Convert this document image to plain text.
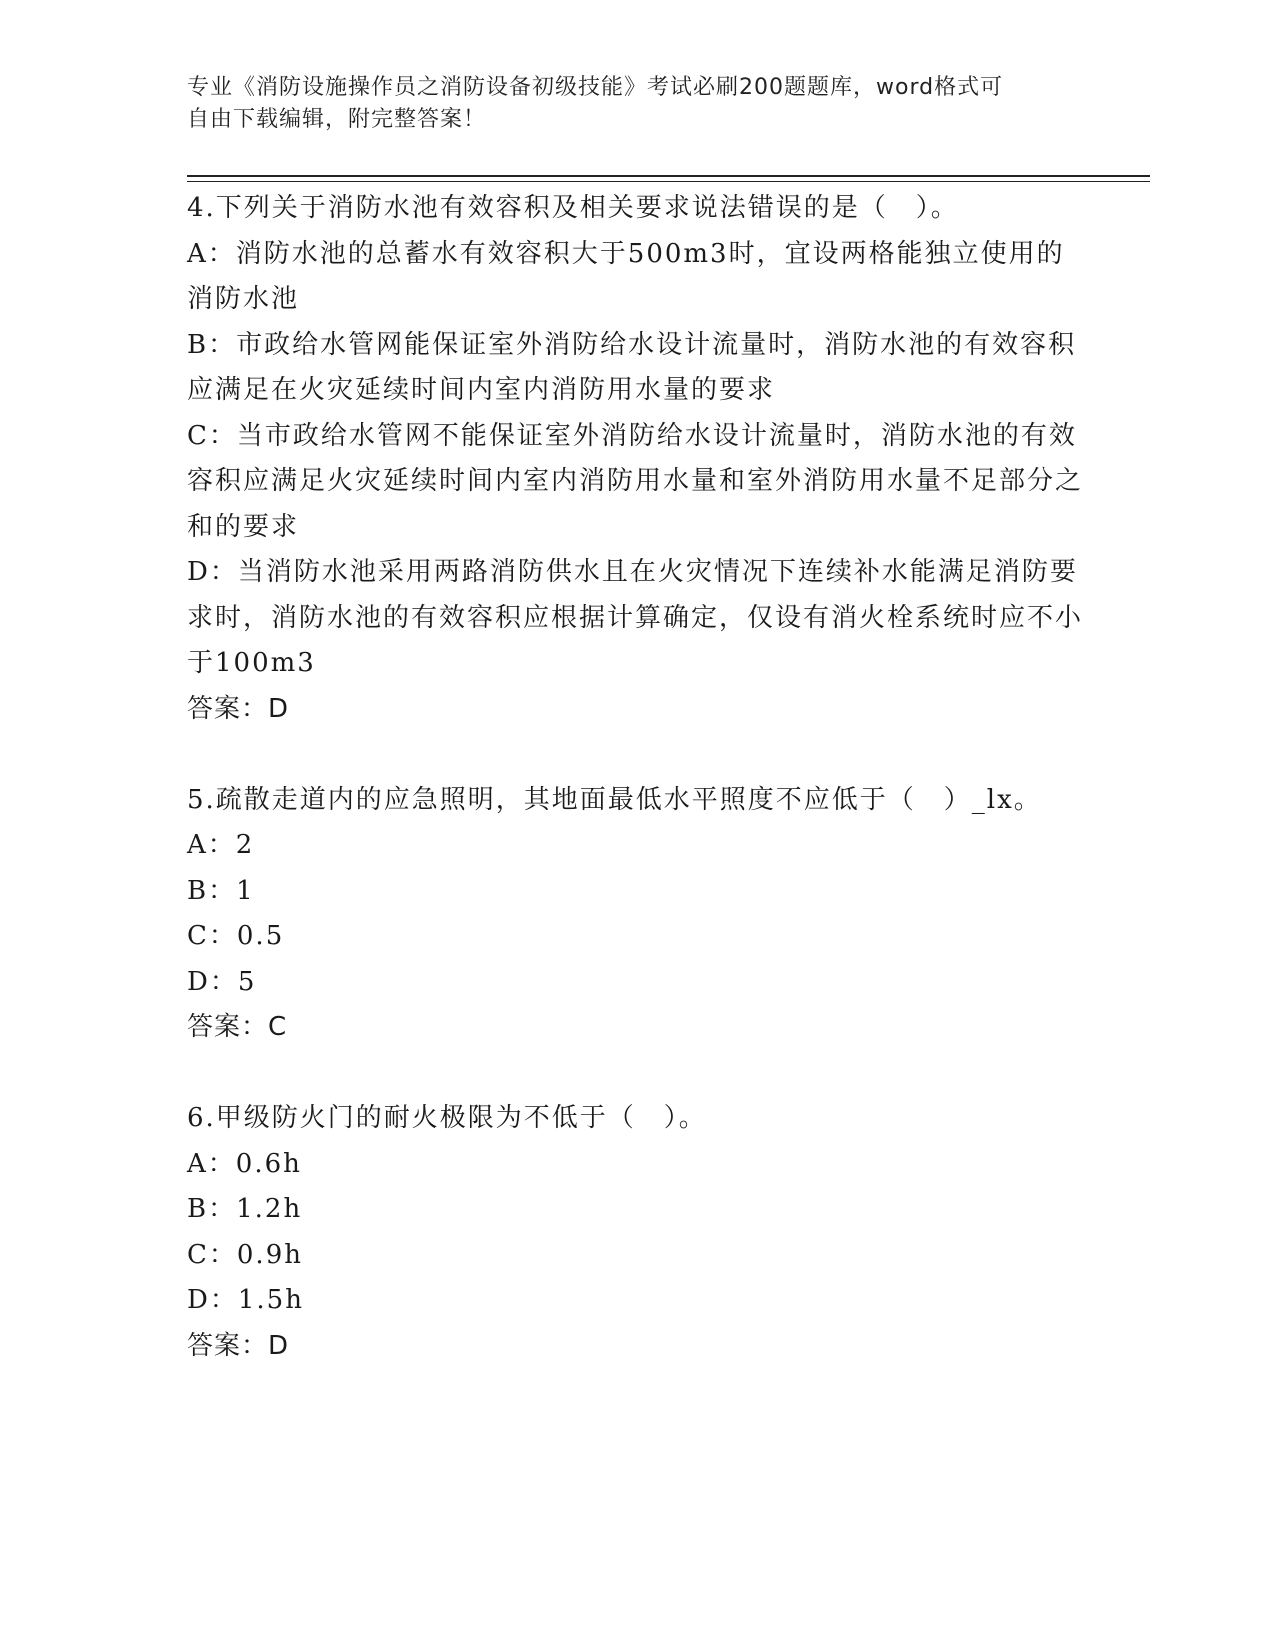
专业《消防设施操作员之消防设备初级技能》考试必刷200题题库，word格式可
自由下载编辑，附完整答案！
4.下列关于消防水池有效容积及相关要求说法错误的是（　）。
A：消防水池的总蓄水有效容积大于500m3时，宜设两格能独立使用的消防水池
B：市政给水管网能保证室外消防给水设计流量时，消防水池的有效容积应满足在火灾延续时间内室内消防用水量的要求
C：当市政给水管网不能保证室外消防给水设计流量时，消防水池的有效容积应满足火灾延续时间内室内消防用水量和室外消防用水量不足部分之和的要求
D：当消防水池采用两路消防供水且在火灾情况下连续补水能满足消防要求时，消防水池的有效容积应根据计算确定，仅设有消火栓系统时应不小于100m3
答案：D
5.疏散走道内的应急照明，其地面最低水平照度不应低于（　）_lx。
A：2
B：1
C：0.5
D：5
答案：C
6.甲级防火门的耐火极限为不低于（　）。
A：0.6h
B：1.2h
C：0.9h
D：1.5h
答案：D
